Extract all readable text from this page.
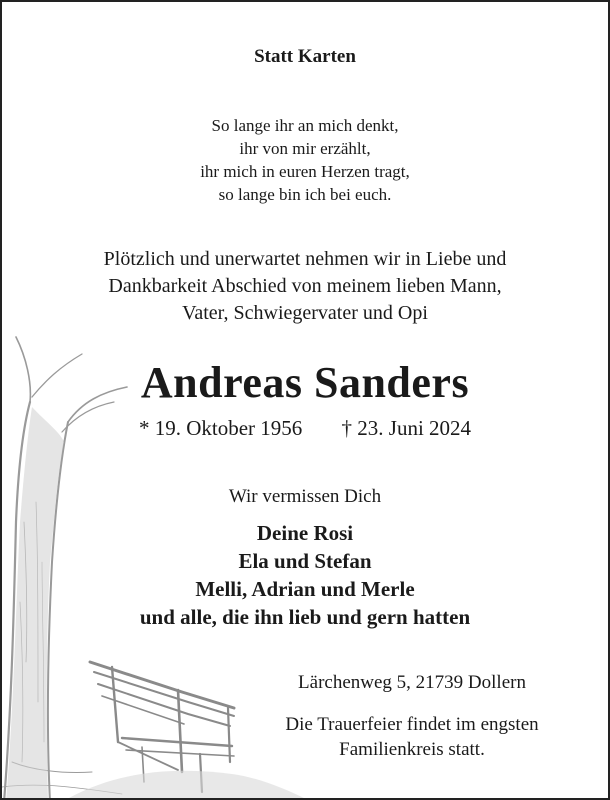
Statt Karten
So lange ihr an mich denkt,
ihr von mir erzählt,
ihr mich in euren Herzen tragt,
so lange bin ich bei euch.
Plötzlich und unerwartet nehmen wir in Liebe und
Dankbarkeit Abschied von meinem lieben Mann,
Vater, Schwiegervater und Opi
Andreas Sanders
* 19. Oktober 1956 † 23. Juni 2024
Wir vermissen Dich
Deine Rosi
Ela und Stefan
Melli, Adrian und Merle
und alle, die ihn lieb und gern hatten
Lärchenweg 5, 21739 Dollern
Die Trauerfeier findet im engsten
Familienkreis statt.
